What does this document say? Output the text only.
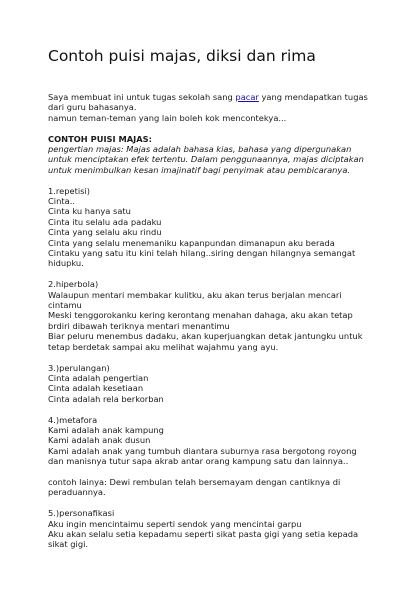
Contoh puisi majas, diksi dan rima

Saya membuat ini untuk tugas sekolah sang pacar yang mendapatkan tugas dari guru bahasanya.

namun teman-teman yang lain boleh kok mencontekya...

CONTOH PUISI MAJAS:

pengertian majas: Majas adalah bahasa kias, bahasa yang dipergunakan untuk menciptakan efek tertentu. Dalam penggunaannya, majas diciptakan untuk menimbulkan kesan imajinatif bagi penyimak atau pembicaranya.

1.repetisi)

Cinta..

Cinta ku hanya satu

Cinta itu selalu ada padaku

Cinta yang selalu aku rindu

Cinta yang selalu menemaniku kapanpundan dimanapun aku berada

Cintaku yang satu itu kini telah hilang..siring dengan hilangnya semangat hidupku.

2.hiperbola)

Walaupun mentari membakar kulitku, aku akan terus berjalan mencari cintamu

Meski tenggorokanku kering kerontang menahan dahaga, aku akan tetap brdiri dibawah teriknya mentari menantimu

Biar peluru menembus dadaku, akan kuperjuangkan detak jantungku untuk tetap berdetak sampai aku melihat wajahmu yang ayu.

3.)perulangan)

Cinta adalah pengertian

Cinta adalah kesetiaan

Cinta adalah rela berkorban

4.)metafora

Kami adalah anak kampung

Kami adalah anak dusun

Kami adalah anak yang tumbuh diantara suburnya rasa bergotong royong dan manisnya tutur sapa akrab antar orang kampung satu dan lainnya..

contoh lainya: Dewi rembulan telah bersemayam dengan cantiknya di peraduannya.

5.)personafikasi

Aku ingin mencintaimu seperti sendok yang mencintai garpu

Aku akan selalu setia kepadamu seperti sikat pasta gigi yang setia kepada sikat gigi.
